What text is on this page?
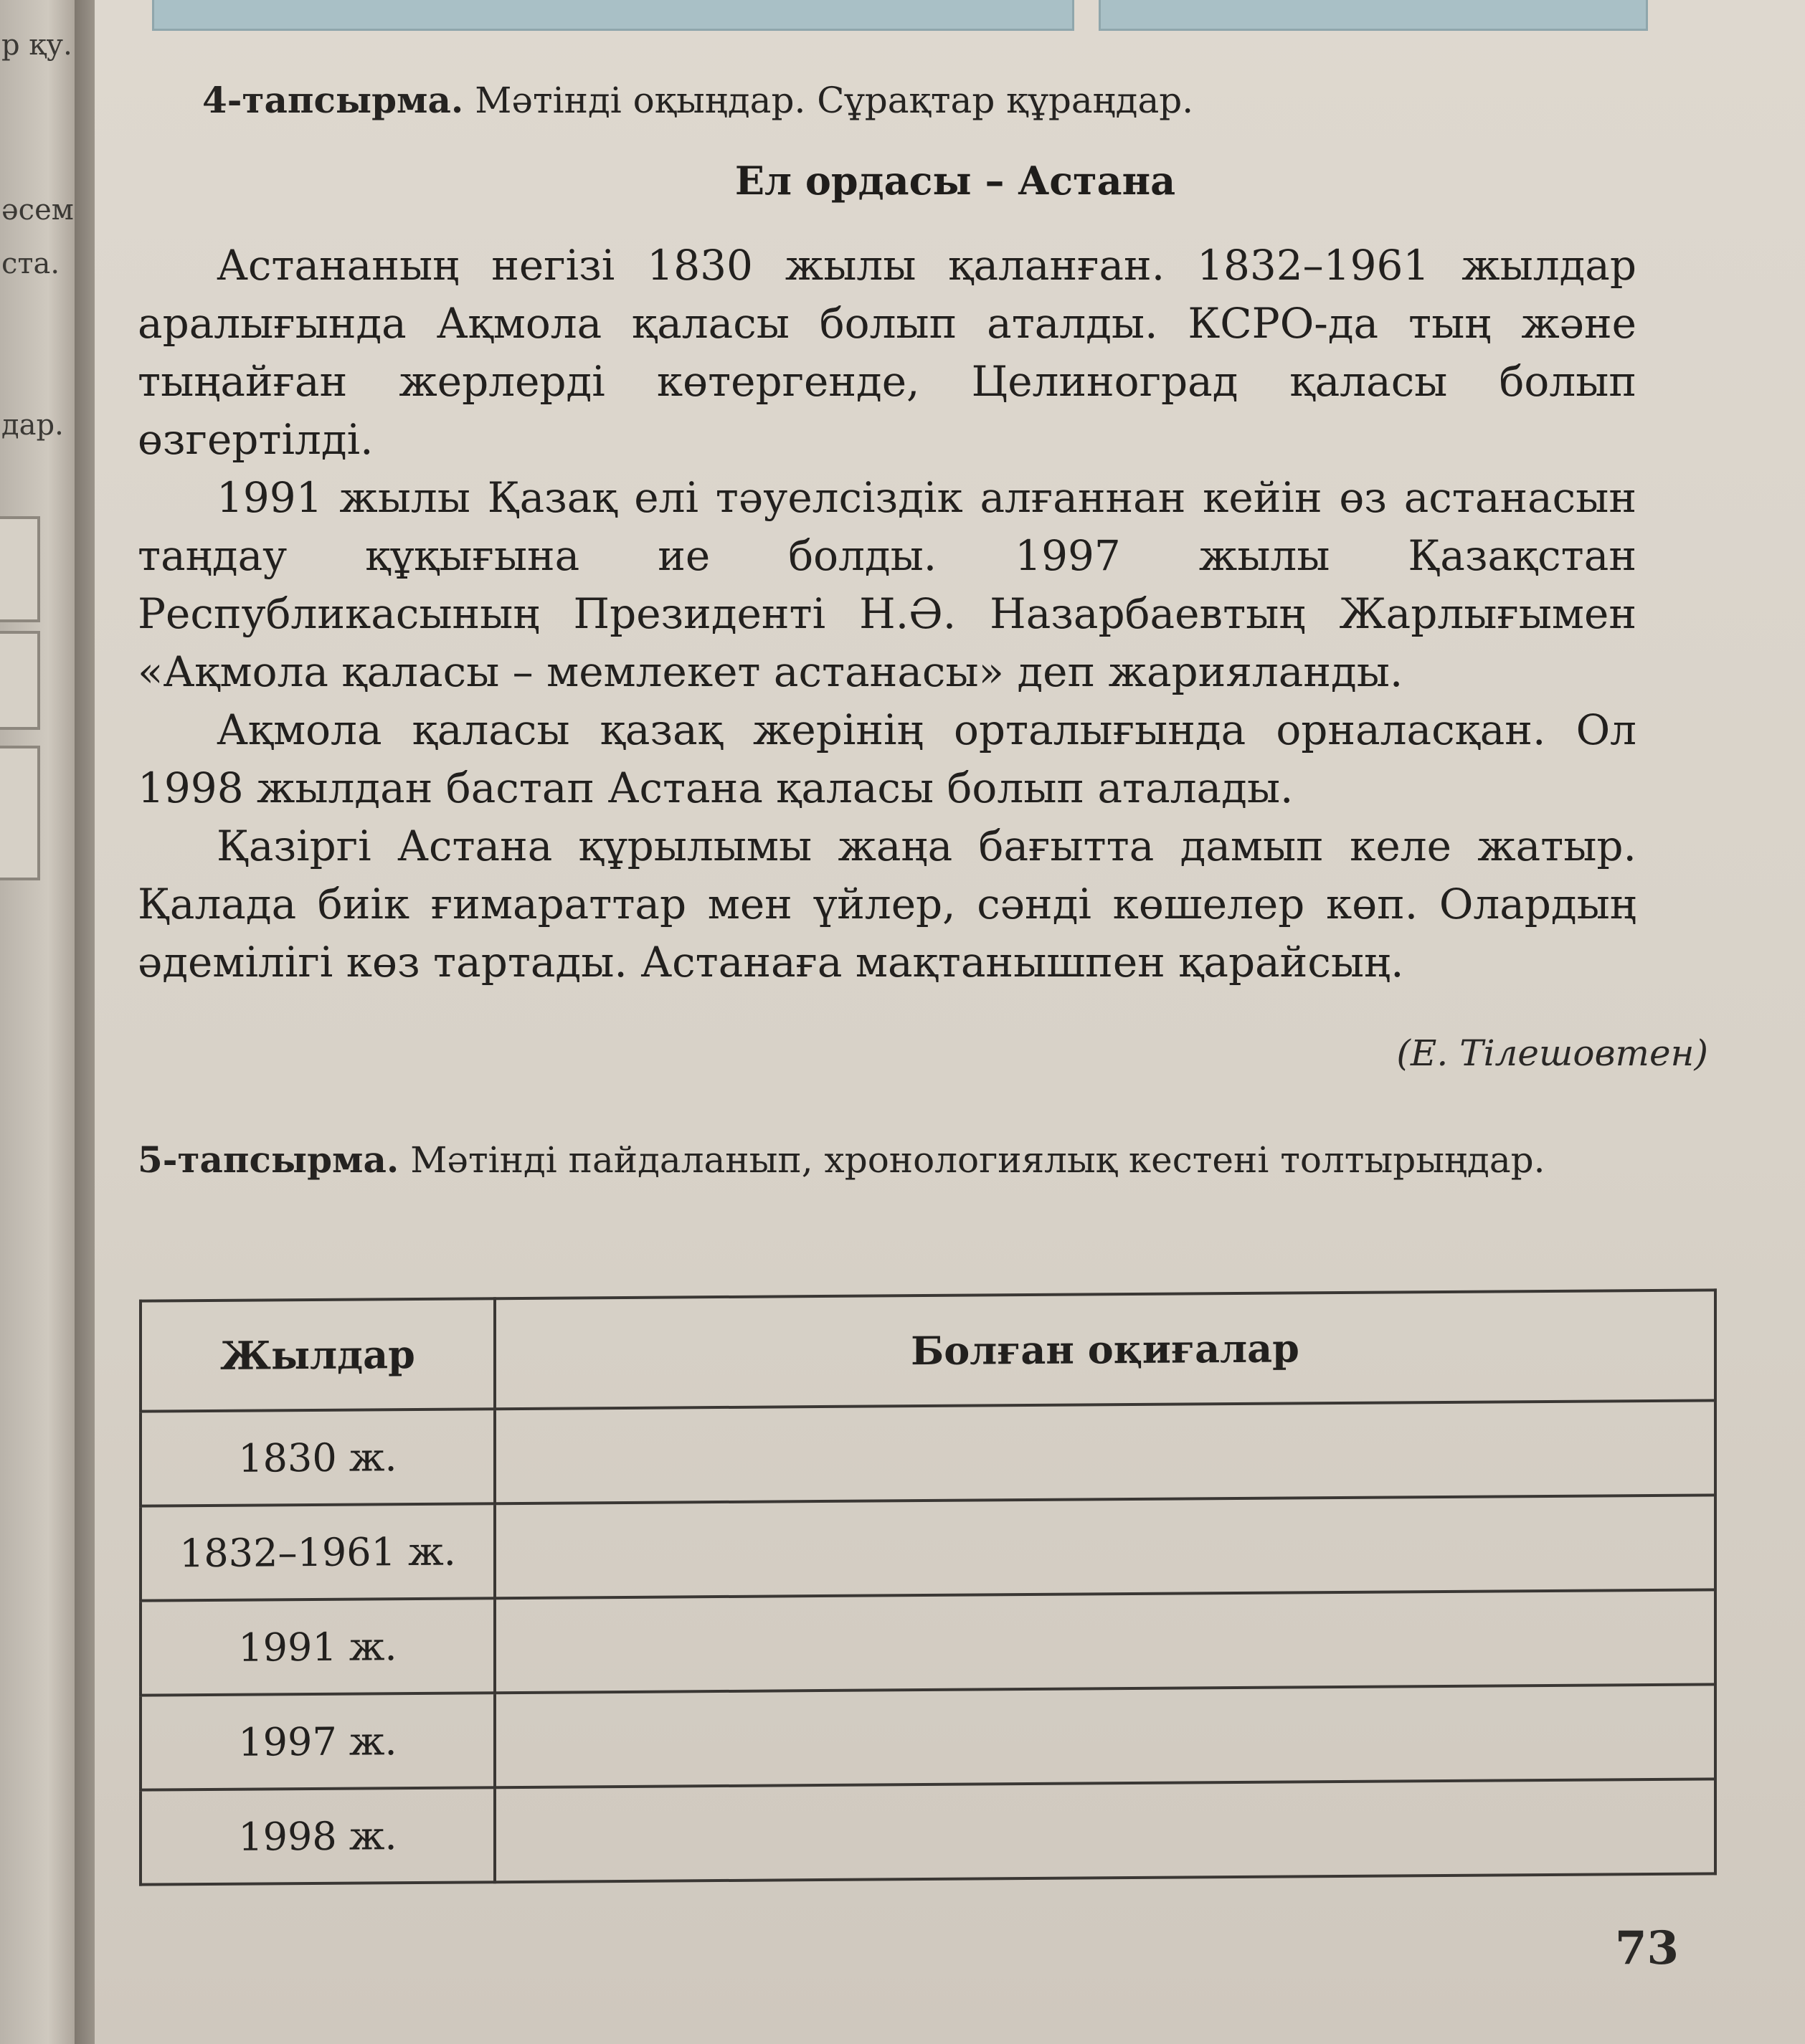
р қу.
әсем
ста.
дар.
4-тапсырма. Мәтінді оқыңдар. Сұрақтар құраңдар.
Ел ордасы – Астана

Астананың негізі 1830 жылы қаланған. 1832–1961 жылдар аралығында Ақмола қаласы болып аталды. КСРО-да тың және тыңайған жерлерді көтергенде, Целиноград қаласы болып өзгертілді.

1991 жылы Қазақ елі тәуелсіздік алғаннан кейін өз астанасын таңдау құқығына ие болды. 1997 жылы Қазақстан Республикасының Президенті Н.Ә. Назарбаевтың Жарлығымен «Ақмола қаласы – мемлекет астанасы» деп жарияланды.

Ақмола қаласы қазақ жерінің орталығында орналасқан. Ол 1998 жылдан бастап Астана қаласы болып аталады.

Қазіргі Астана құрылымы жаңа бағытта дамып келе жатыр. Қалада биік ғимараттар мен үйлер, сәнді көшелер көп. Олардың әдемілігі көз тартады. Астанаға мақтанышпен қарайсың.

(Е. Тілешовтен)
5-тапсырма. Мәтінді пайдаланып, хронологиялық кестені толтырыңдар.
Жылдар	Болған оқиғалар
1830 ж.	
1832–1961 ж.	
1991 ж.	
1997 ж.	
1998 ж.	
73
